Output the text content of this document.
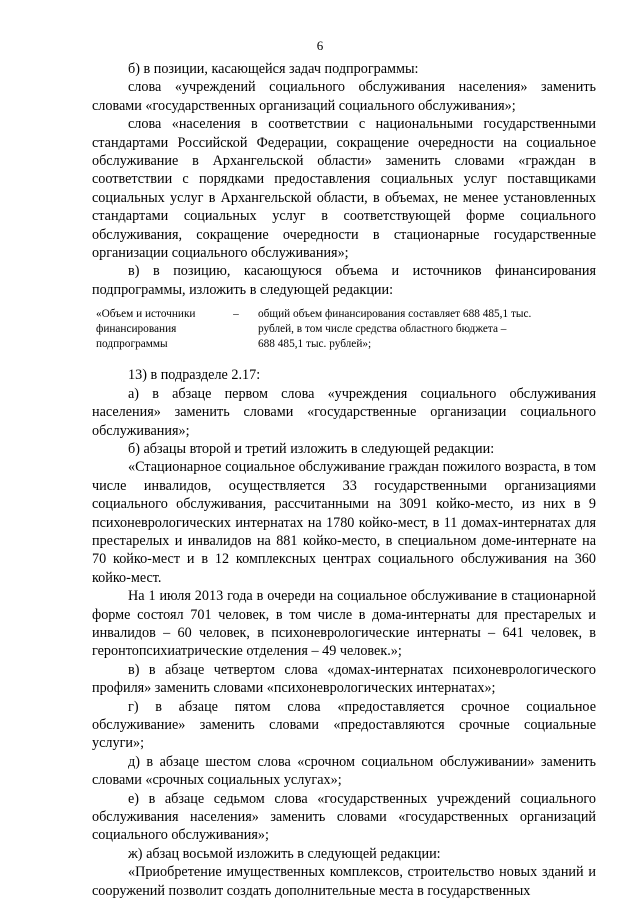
6

б) в позиции, касающейся задач подпрограммы:

слова «учреждений социального обслуживания населения» заменить словами «государственных организаций социального обслуживания»;

слова «населения в соответствии с национальными государственными стандартами Российской Федерации, сокращение очередности на социальное обслуживание в Архангельской области» заменить словами «граждан в соответствии с порядками предоставления социальных услуг поставщиками социальных услуг в Архангельской области, в объемах, не менее установленных стандартами социальных услуг в соответствующей форме социального обслуживания, сокращение очередности в стационарные государственные организации социального обслуживания»;

в) в позицию, касающуюся объема и источников финансирования подпрограммы, изложить в следующей редакции:

«Объем и источники
финансирования
подпрограммы
–	общий объем финансирования составляет 688 485,1 тыс.
рублей, в том числе средства областного бюджета –
688 485,1 тыс. рублей»;

13) в подразделе 2.17:

а) в абзаце первом слова «учреждения социального обслуживания населения» заменить словами «государственные организации социального обслуживания»;

б) абзацы второй и третий изложить в следующей редакции:

«Стационарное социальное обслуживание граждан пожилого возраста, в том числе инвалидов, осуществляется 33 государственными организациями социального обслуживания, рассчитанными на 3091 койко-место, из них в 9 психоневрологических интернатах на 1780 койко-мест, в 11 домах-интернатах для престарелых и инвалидов на 881 койко-место, в специальном доме-интернате на 70 койко-мест и в 12 комплексных центрах социального обслуживания на 360 койко-мест.

На 1 июля 2013 года в очереди на социальное обслуживание в стационарной форме состоял 701 человек, в том числе в дома-интернаты для престарелых и инвалидов – 60 человек, в психоневрологические интернаты – 641 человек, в геронтопсихиатрические отделения – 49 человек.»;

в) в абзаце четвертом слова «домах-интернатах психоневрологического профиля» заменить словами «психоневрологических интернатах»;

г) в абзаце пятом слова «предоставляется срочное социальное обслуживание» заменить словами «предоставляются срочные социальные услуги»;

д) в абзаце шестом слова «срочном социальном обслуживании» заменить словами «срочных социальных услугах»;

е) в абзаце седьмом слова «государственных учреждений социального обслуживания населения» заменить словами «государственных организаций социального обслуживания»;

ж) абзац восьмой изложить в следующей редакции:

«Приобретение имущественных комплексов, строительство новых зданий и сооружений позволит создать дополнительные места в государственных
